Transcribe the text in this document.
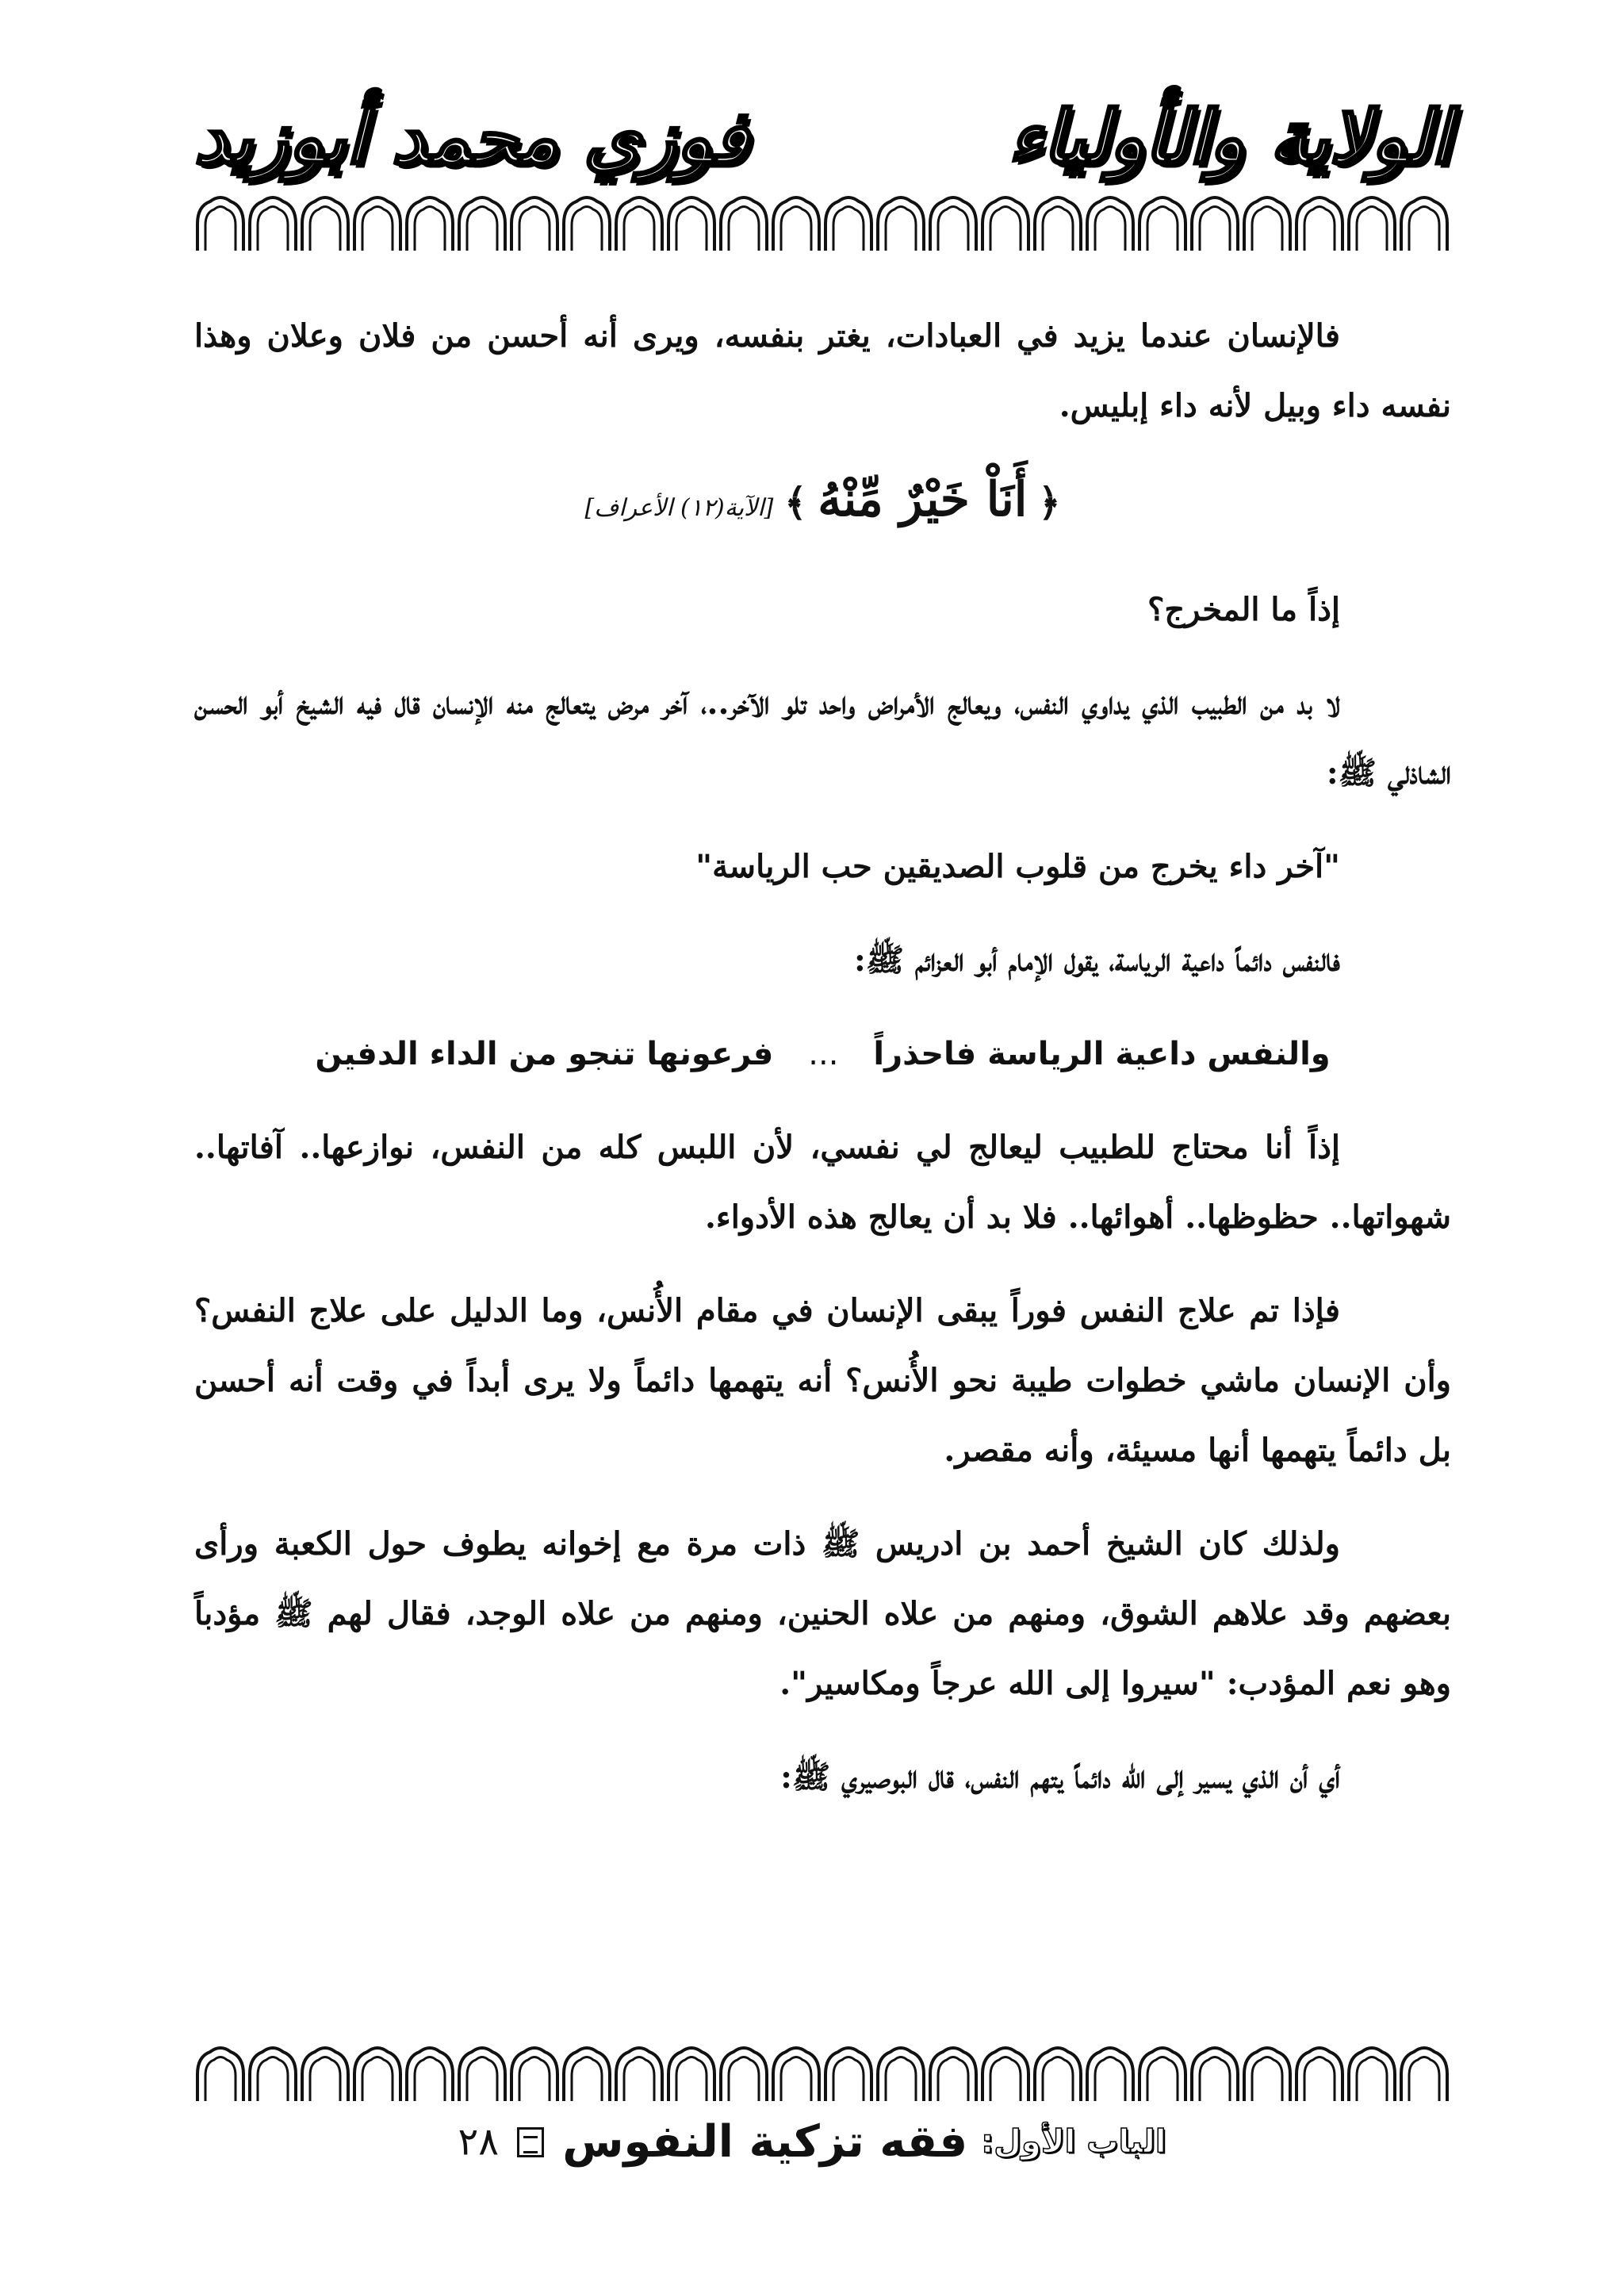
الولاية والأولياء
فوزي محمد أبوزيد

فالإنسان عندما يزيد في العبادات، يغتر بنفسه، ويرى أنه أحسن من فلان وعلان وهذا نفسه داء وبيل لأنه داء إبليس.

﴿ أَنَاْ خَيْرٌ مِّنْهُ ﴾ [الآية(١٢) الأعراف]

إذاً ما المخرج؟

لا بد من الطبيب الذي يداوي النفس، ويعالج الأمراض واحد تلو الآخر..، آخر مرض يتعالج منه الإنسان قال فيه الشيخ أبو الحسن الشاذلي ﷺ:

"آخر داء يخرج من قلوب الصديقين حب الرياسة"

فالنفس دائماً داعية الرياسة، يقول الإمام أبو العزائم ﷺ:

والنفس داعية الرياسة فاحذراً ... فرعونها تنجو من الداء الدفين

إذاً أنا محتاج للطبيب ليعالج لي نفسي، لأن اللبس كله من النفس، نوازعها.. آفاتها.. شهواتها.. حظوظها.. أهوائها.. فلا بد أن يعالج هذه الأدواء.

فإذا تم علاج النفس فوراً يبقى الإنسان في مقام الأُنس، وما الدليل على علاج النفس؟ وأن الإنسان ماشي خطوات طيبة نحو الأُنس؟ أنه يتهمها دائماً ولا يرى أبداً في وقت أنه أحسن بل دائماً يتهمها أنها مسيئة، وأنه مقصر.

ولذلك كان الشيخ أحمد بن ادريس ﷺ ذات مرة مع إخوانه يطوف حول الكعبة ورأى بعضهم وقد علاهم الشوق، ومنهم من علاه الحنين، ومنهم من علاه الوجد، فقال لهم ﷺ مؤدباً وهو نعم المؤدب: "سيروا إلى الله عرجاً ومكاسير".

أي أن الذي يسير إلى الله دائماً يتهم النفس، قال البوصيري ﷺ:

الباب الأول: فقه تزكية النفوس  ٢٨
